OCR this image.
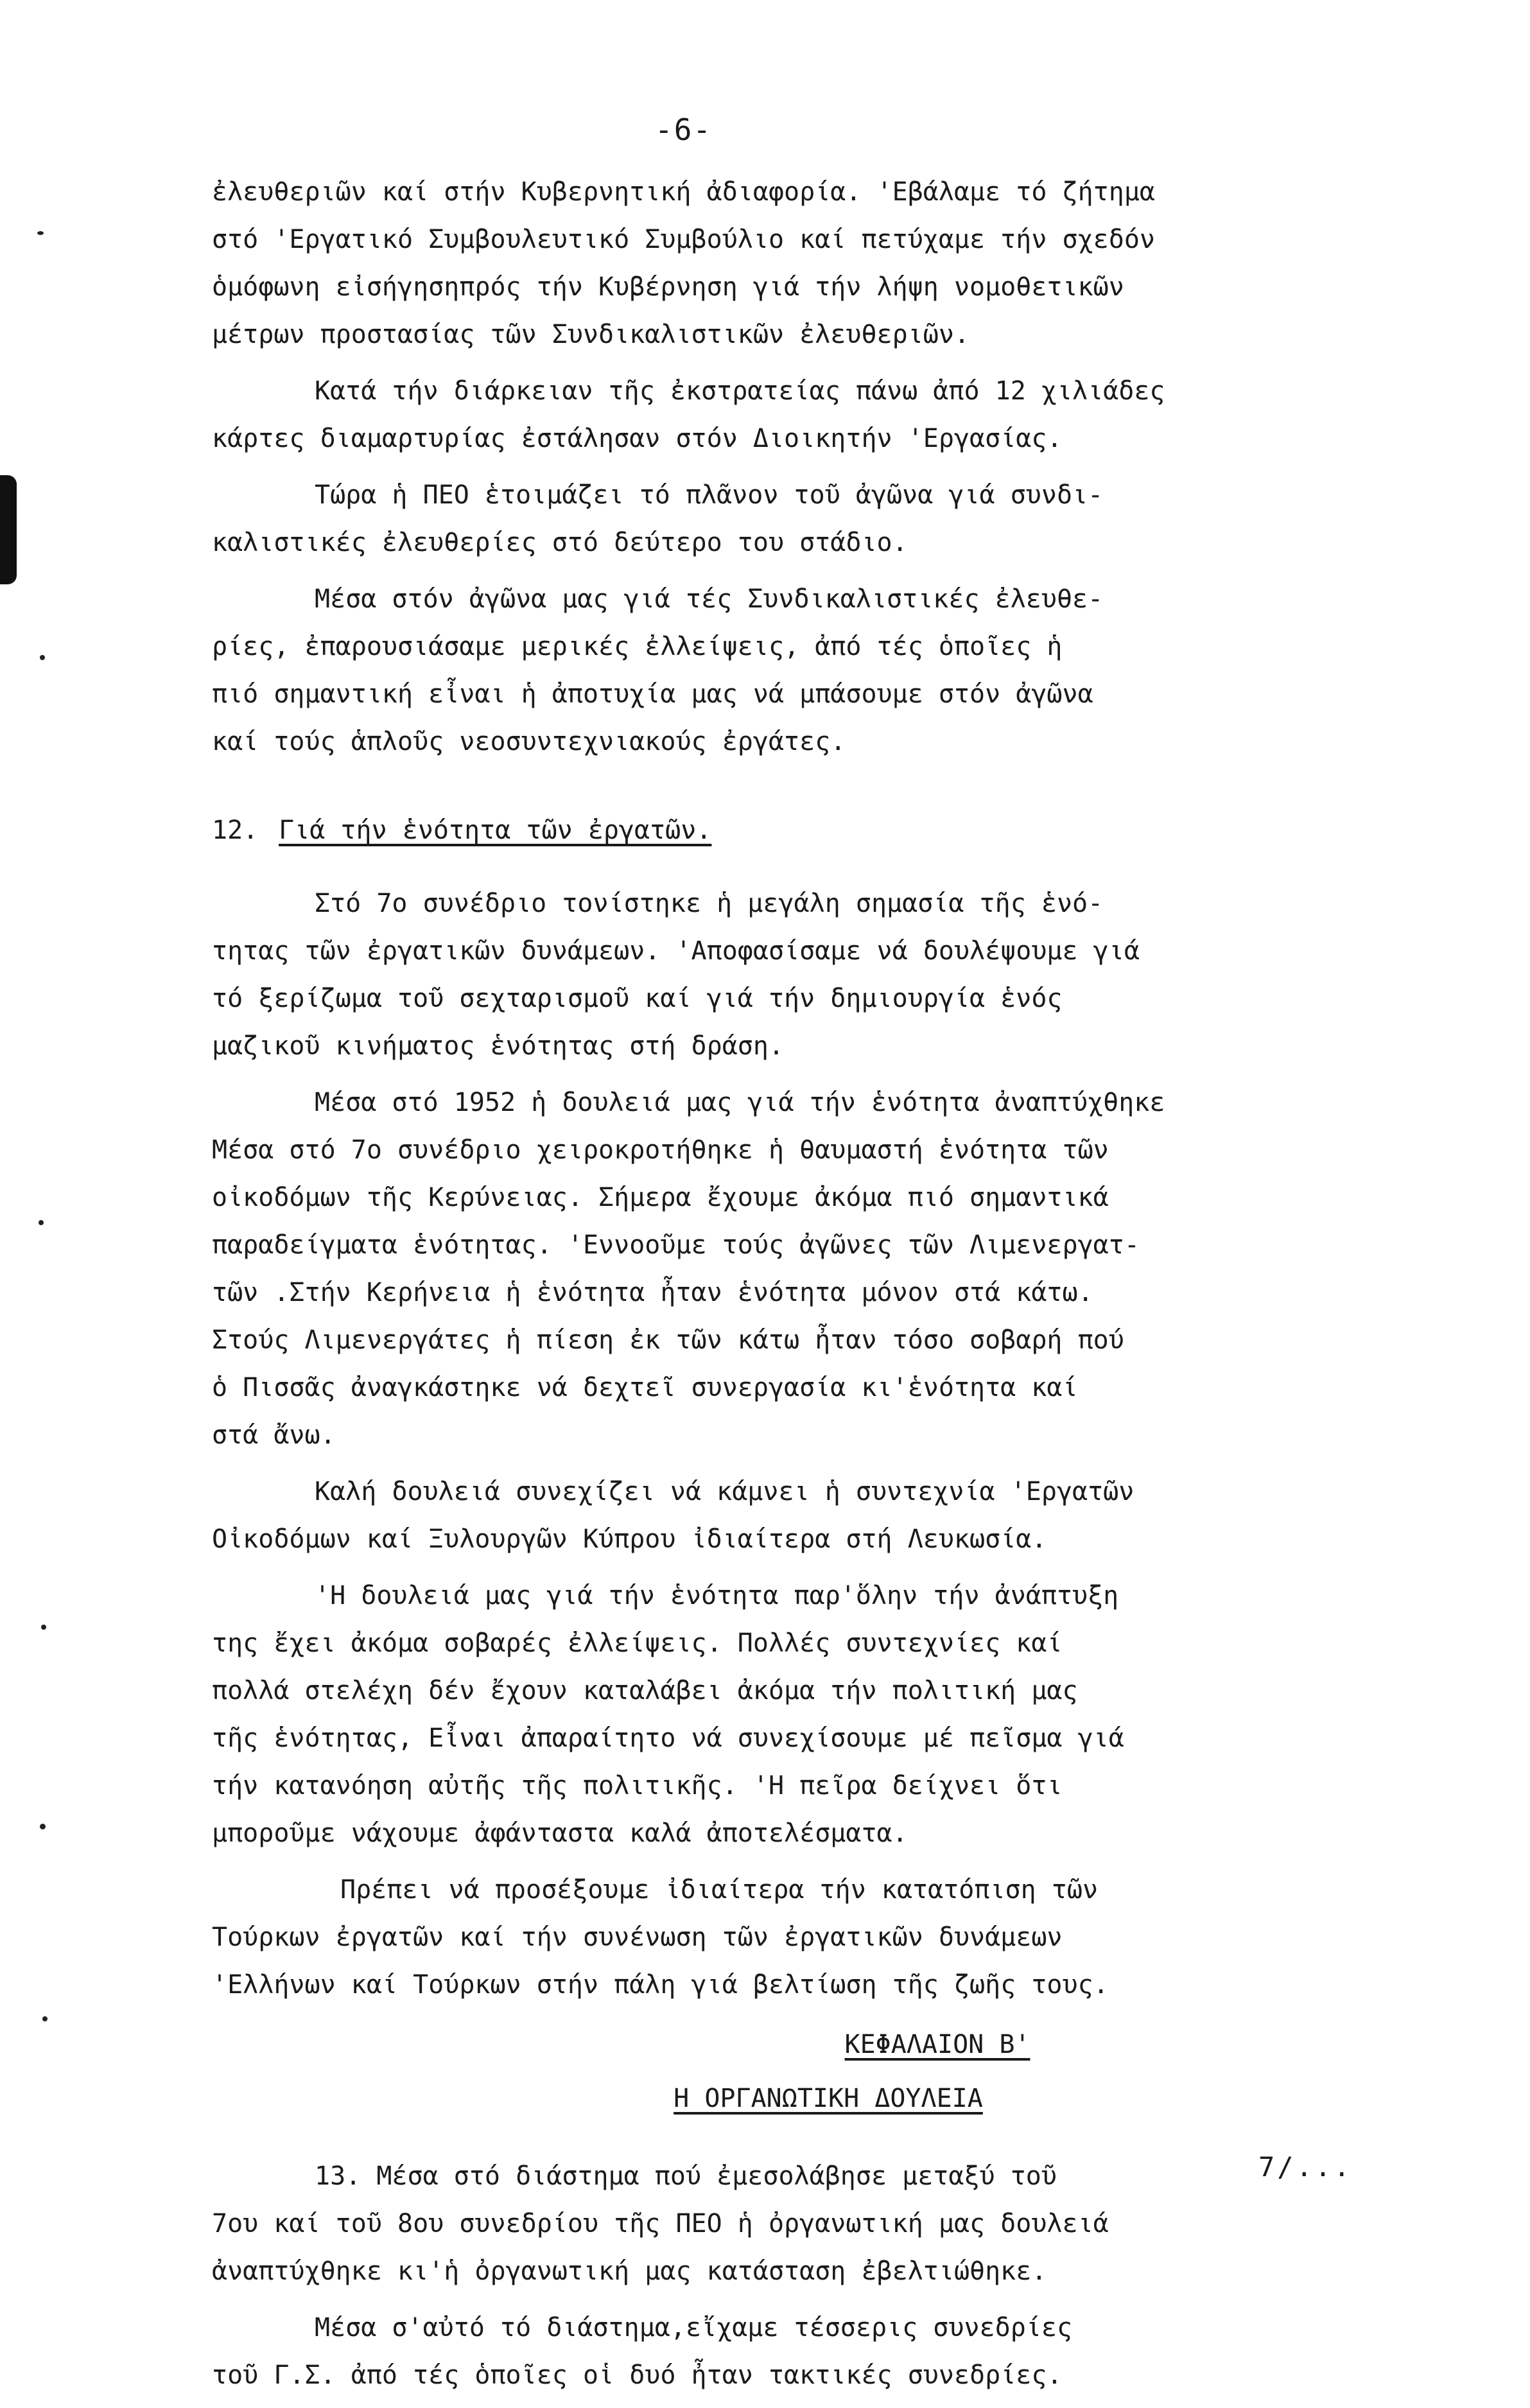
-6-
ἐλευθεριῶν καί στήν Κυβερνητική ἀδιαφορία. 'Εβάλαμε τό ζήτημα
στό 'Εργατικό Συμβουλευτικό Συμβούλιο καί πετύχαμε τήν σχεδόν
ὁμόφωνη εἰσήγησηπρός τήν Κυβέρνηση γιά τήν λήψη νομοθετικῶν
μέτρων προστασίας τῶν Συνδικαλιστικῶν ἐλευθεριῶν.
Κατά τήν διάρκειαν τῆς ἐκστρατείας πάνω ἀπό 12 χιλιάδες
κάρτες διαμαρτυρίας ἐστάλησαν στόν Διοικητήν 'Εργασίας.
Τώρα ἡ ΠΕΟ ἑτοιμάζει τό πλᾶνον τοῦ ἀγῶνα γιά συνδι-
καλιστικές ἐλευθερίες στό δεύτερο του στάδιο.
Μέσα στόν ἀγῶνα μας γιά τές Συνδικαλιστικές ἐλευθε-
ρίες, ἐπαρουσιάσαμε μερικές ἐλλείψεις, ἀπό τές ὁποῖες ἡ
πιό σημαντική εἶναι ἡ ἀποτυχία μας νά μπάσουμε στόν ἀγῶνα
καί τούς ἁπλοῦς νεοσυντεχνιακούς ἐργάτες.
12. Γιά τήν ἑνότητα τῶν ἐργατῶν.
Στό 7ο συνέδριο τονίστηκε ἡ μεγάλη σημασία τῆς ἑνό-
τητας τῶν ἐργατικῶν δυνάμεων. 'Αποφασίσαμε νά δουλέψουμε γιά
τό ξερίζωμα τοῦ σεχταρισμοῦ καί γιά τήν δημιουργία ἑνός
μαζικοῦ κινήματος ἑνότητας στή δράση.
Μέσα στό 1952 ἡ δουλειά μας γιά τήν ἑνότητα ἀναπτύχθηκε
Μέσα στό 7ο συνέδριο χειροκροτήθηκε ἡ θαυμαστή ἑνότητα τῶν
οἰκοδόμων τῆς Κερύνειας. Σήμερα ἔχουμε ἀκόμα πιό σημαντικά
παραδείγματα ἑνότητας. 'Εννοοῦμε τούς ἀγῶνες τῶν Λιμενεργατ-
τῶν .Στήν Κερήνεια ἡ ἑνότητα ἦταν ἑνότητα μόνον στά κάτω.
Στούς Λιμενεργάτες ἡ πίεση ἐκ τῶν κάτω ἦταν τόσο σοβαρή πού
ὁ Πισσᾶς ἀναγκάστηκε νά δεχτεῖ συνεργασία κι'ἑνότητα καί
στά ἄνω.
Καλή δουλειά συνεχίζει νά κάμνει ἡ συντεχνία 'Εργατῶν
Οἰκοδόμων καί Ξυλουργῶν Κύπρου ἰδιαίτερα στή Λευκωσία.
'Η δουλειά μας γιά τήν ἑνότητα παρ'ὅλην τήν ἀνάπτυξη
της ἔχει ἀκόμα σοβαρές ἐλλείψεις. Πολλές συντεχνίες καί
πολλά στελέχη δέν ἔχουν καταλάβει ἀκόμα τήν πολιτική μας
τῆς ἑνότητας, Εἶναι ἀπαραίτητο νά συνεχίσουμε μέ πεῖσμα γιά
τήν κατανόηση αὐτῆς τῆς πολιτικῆς. 'Η πεῖρα δείχνει ὅτι
μποροῦμε νάχουμε ἀφάνταστα καλά ἀποτελέσματα.
Πρέπει νά προσέξουμε ἰδιαίτερα τήν κατατόπιση τῶν
Τούρκων ἐργατῶν καί τήν συνένωση τῶν ἐργατικῶν δυνάμεων
'Ελλήνων καί Τούρκων στήν πάλη γιά βελτίωση τῆς ζωῆς τους.
ΚΕΦΑΛΑΙΟΝ Β'
Η ΟΡΓΑΝΩΤΙΚΗ ΔΟΥΛΕΙΑ
13. Μέσα στό διάστημα πού ἐμεσολάβησε μεταξύ τοῦ
7ου καί τοῦ 8ου συνεδρίου τῆς ΠΕΟ ἡ ὀργανωτική μας δουλειά
ἀναπτύχθηκε κι'ἡ ὀργανωτική μας κατάσταση ἐβελτιώθηκε.
Μέσα σ'αὐτό τό διάστημα,εἴχαμε τέσσερις συνεδρίες
τοῦ Γ.Σ. ἀπό τές ὁποῖες οἱ δυό ἦταν τακτικές συνεδρίες.
7/...
